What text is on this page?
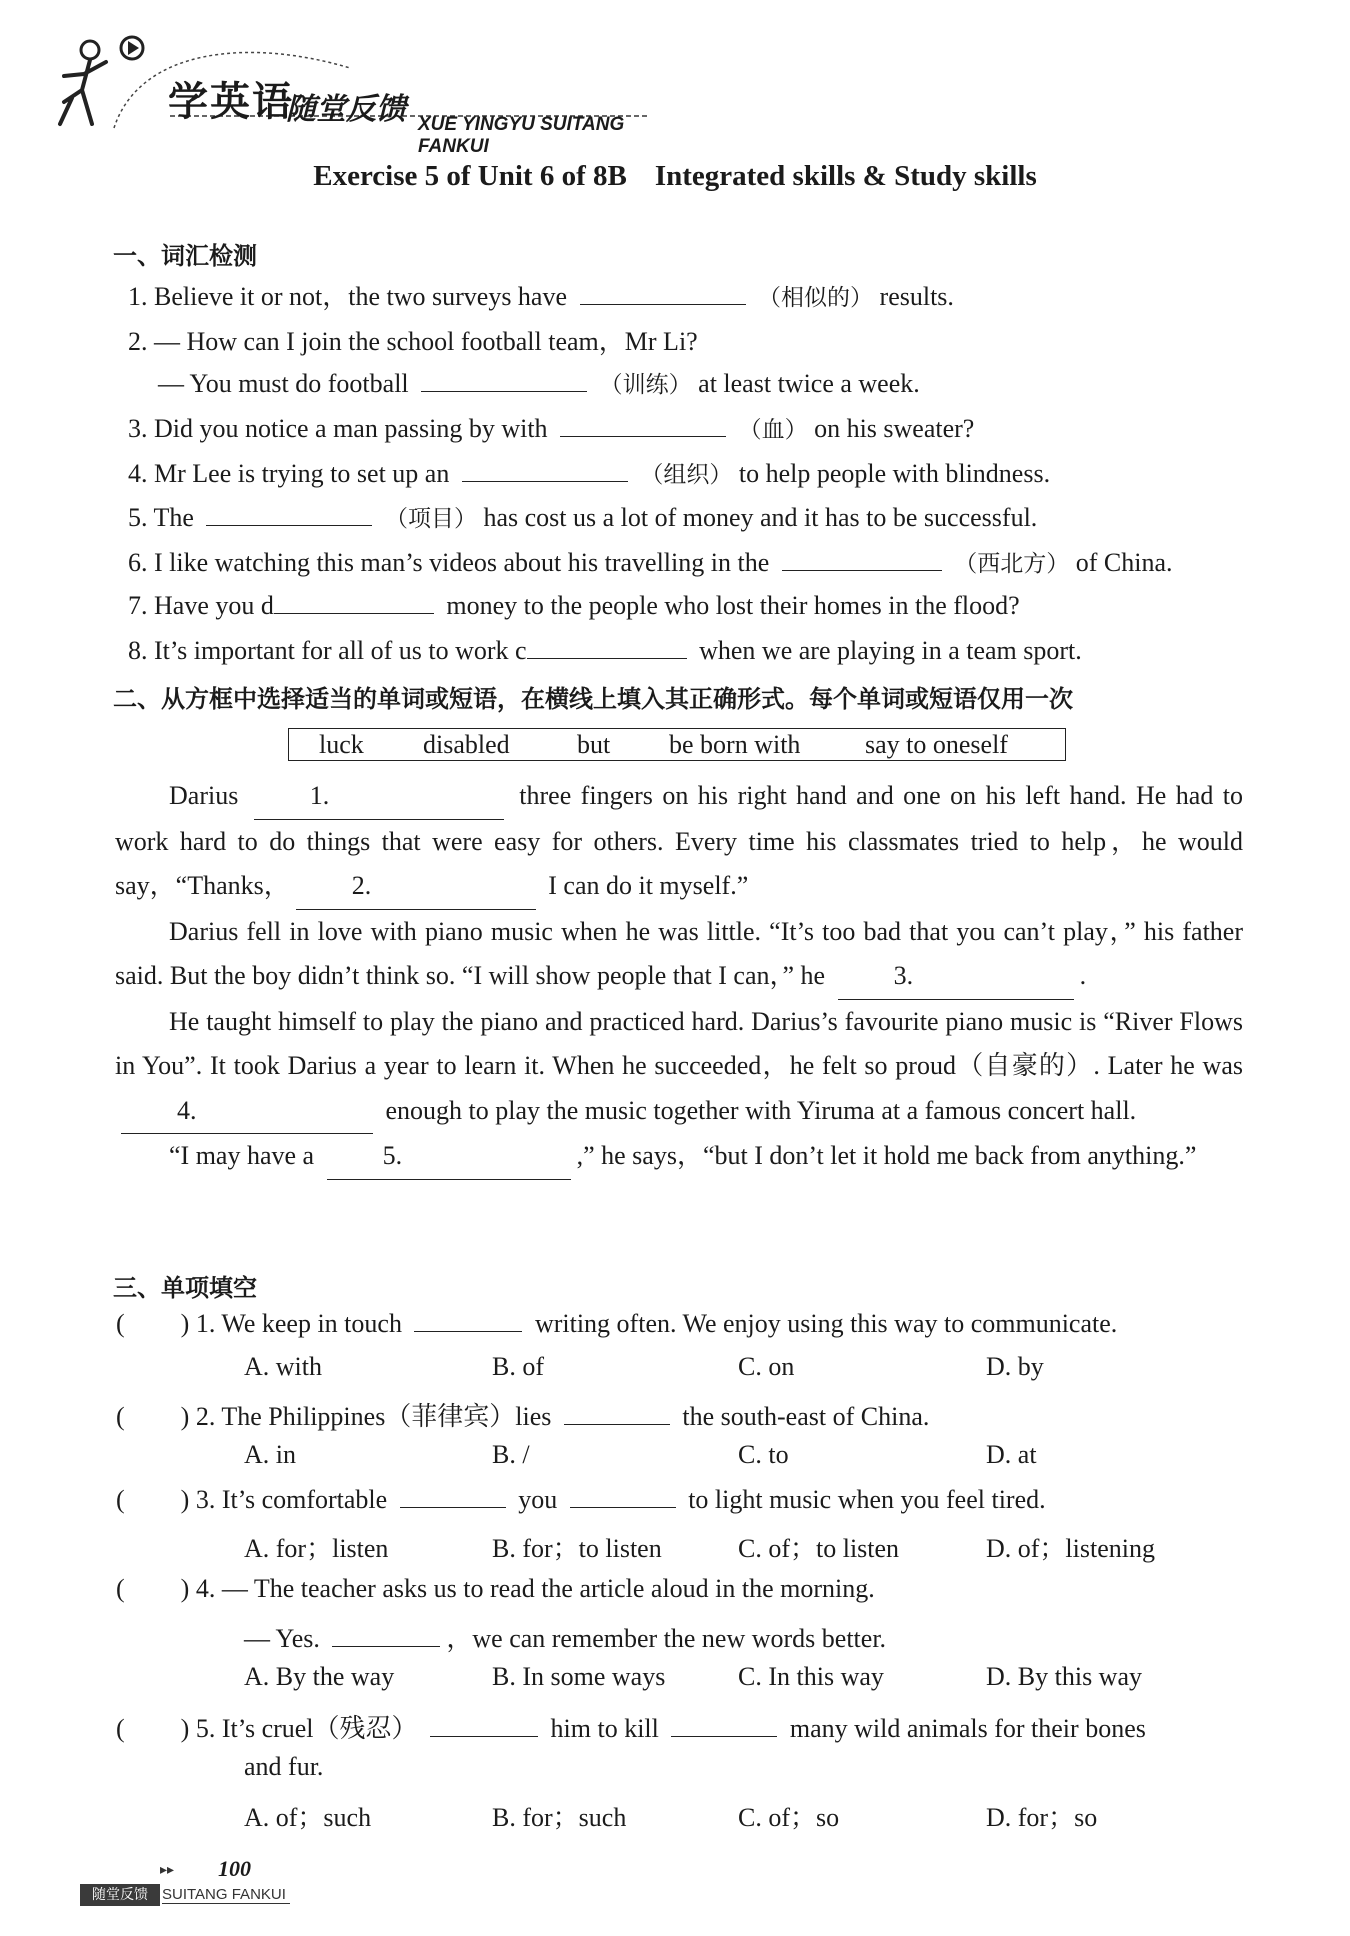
学英语
随堂反馈 XUE YINGYU SUITANG FANKUI
Exercise 5 of Unit 6 of 8B Integrated skills & Study skills
一、词汇检测
1. Believe it or not，the two surveys have	（相似的） results.
2. — How can I join the school football team，Mr Li?
— You must do football	（训练） at least twice a week.
3. Did you notice a man passing by with	（血） on his sweater?
4. Mr Lee is trying to set up an	（组织） to help people with blindness.
5. The	（项目） has cost us a lot of money and it has to be successful.
6. I like watching this man’s videos about his travelling in the	（西北方） of China.
7. Have you d	money to the people who lost their homes in the flood?
8. It’s important for all of us to work c	when we are playing in a team sport.
二、从方框中选择适当的单词或短语，在横线上填入其正确形式。每个单词或短语仅用一次
luck disabled	but be born with say to oneself

Darius	1.	three fingers on his right hand and one on his left hand. He had to work hard to do things that were easy for others. Every time his classmates tried to help，he would say，“Thanks， 2.	I can do it myself.”

Darius fell in love with piano music when he was little. “It’s too bad that you can’t play，” his father said. But the boy didn’t think so. “I will show people that I can，” he	3.	.

He taught himself to play the piano and practiced hard. Darius’s favourite piano music is “River Flows in You”. It took Darius a year to learn it. When he succeeded，he felt so proud（自豪的）. Later he was 4.	enough to play the music together with Yiruma at a famous concert hall.

“I may have a	5.	,” he says，“but I don’t let it hold me back from anything.”

三、单项填空
( ) 1. We keep in touch	writing often. We enjoy using this way to communicate.
A. with	B. of	C. on	D. by
( ) 2. The Philippines（菲律宾）lies	the south-east of China.
A. in	B. /	C. to	D. at
( ) 3. It’s comfortable	you	to light music when you feel tired.
A. for；listen	B. for；to listen	C. of；to listen	D. of；listening
( ) 4. — The teacher asks us to read the article aloud in the morning.
— Yes.	，we can remember the new words better.
A. By the way	B. In some ways	C. In this way	D. By this way
( ) 5. It’s cruel（残忍）	him to kill	many wild animals for their bones
and fur.
A. of；such	B. for；such	C. of；so	D. for；so
▸▸ 100
随堂反馈 SUITANG FANKUI
